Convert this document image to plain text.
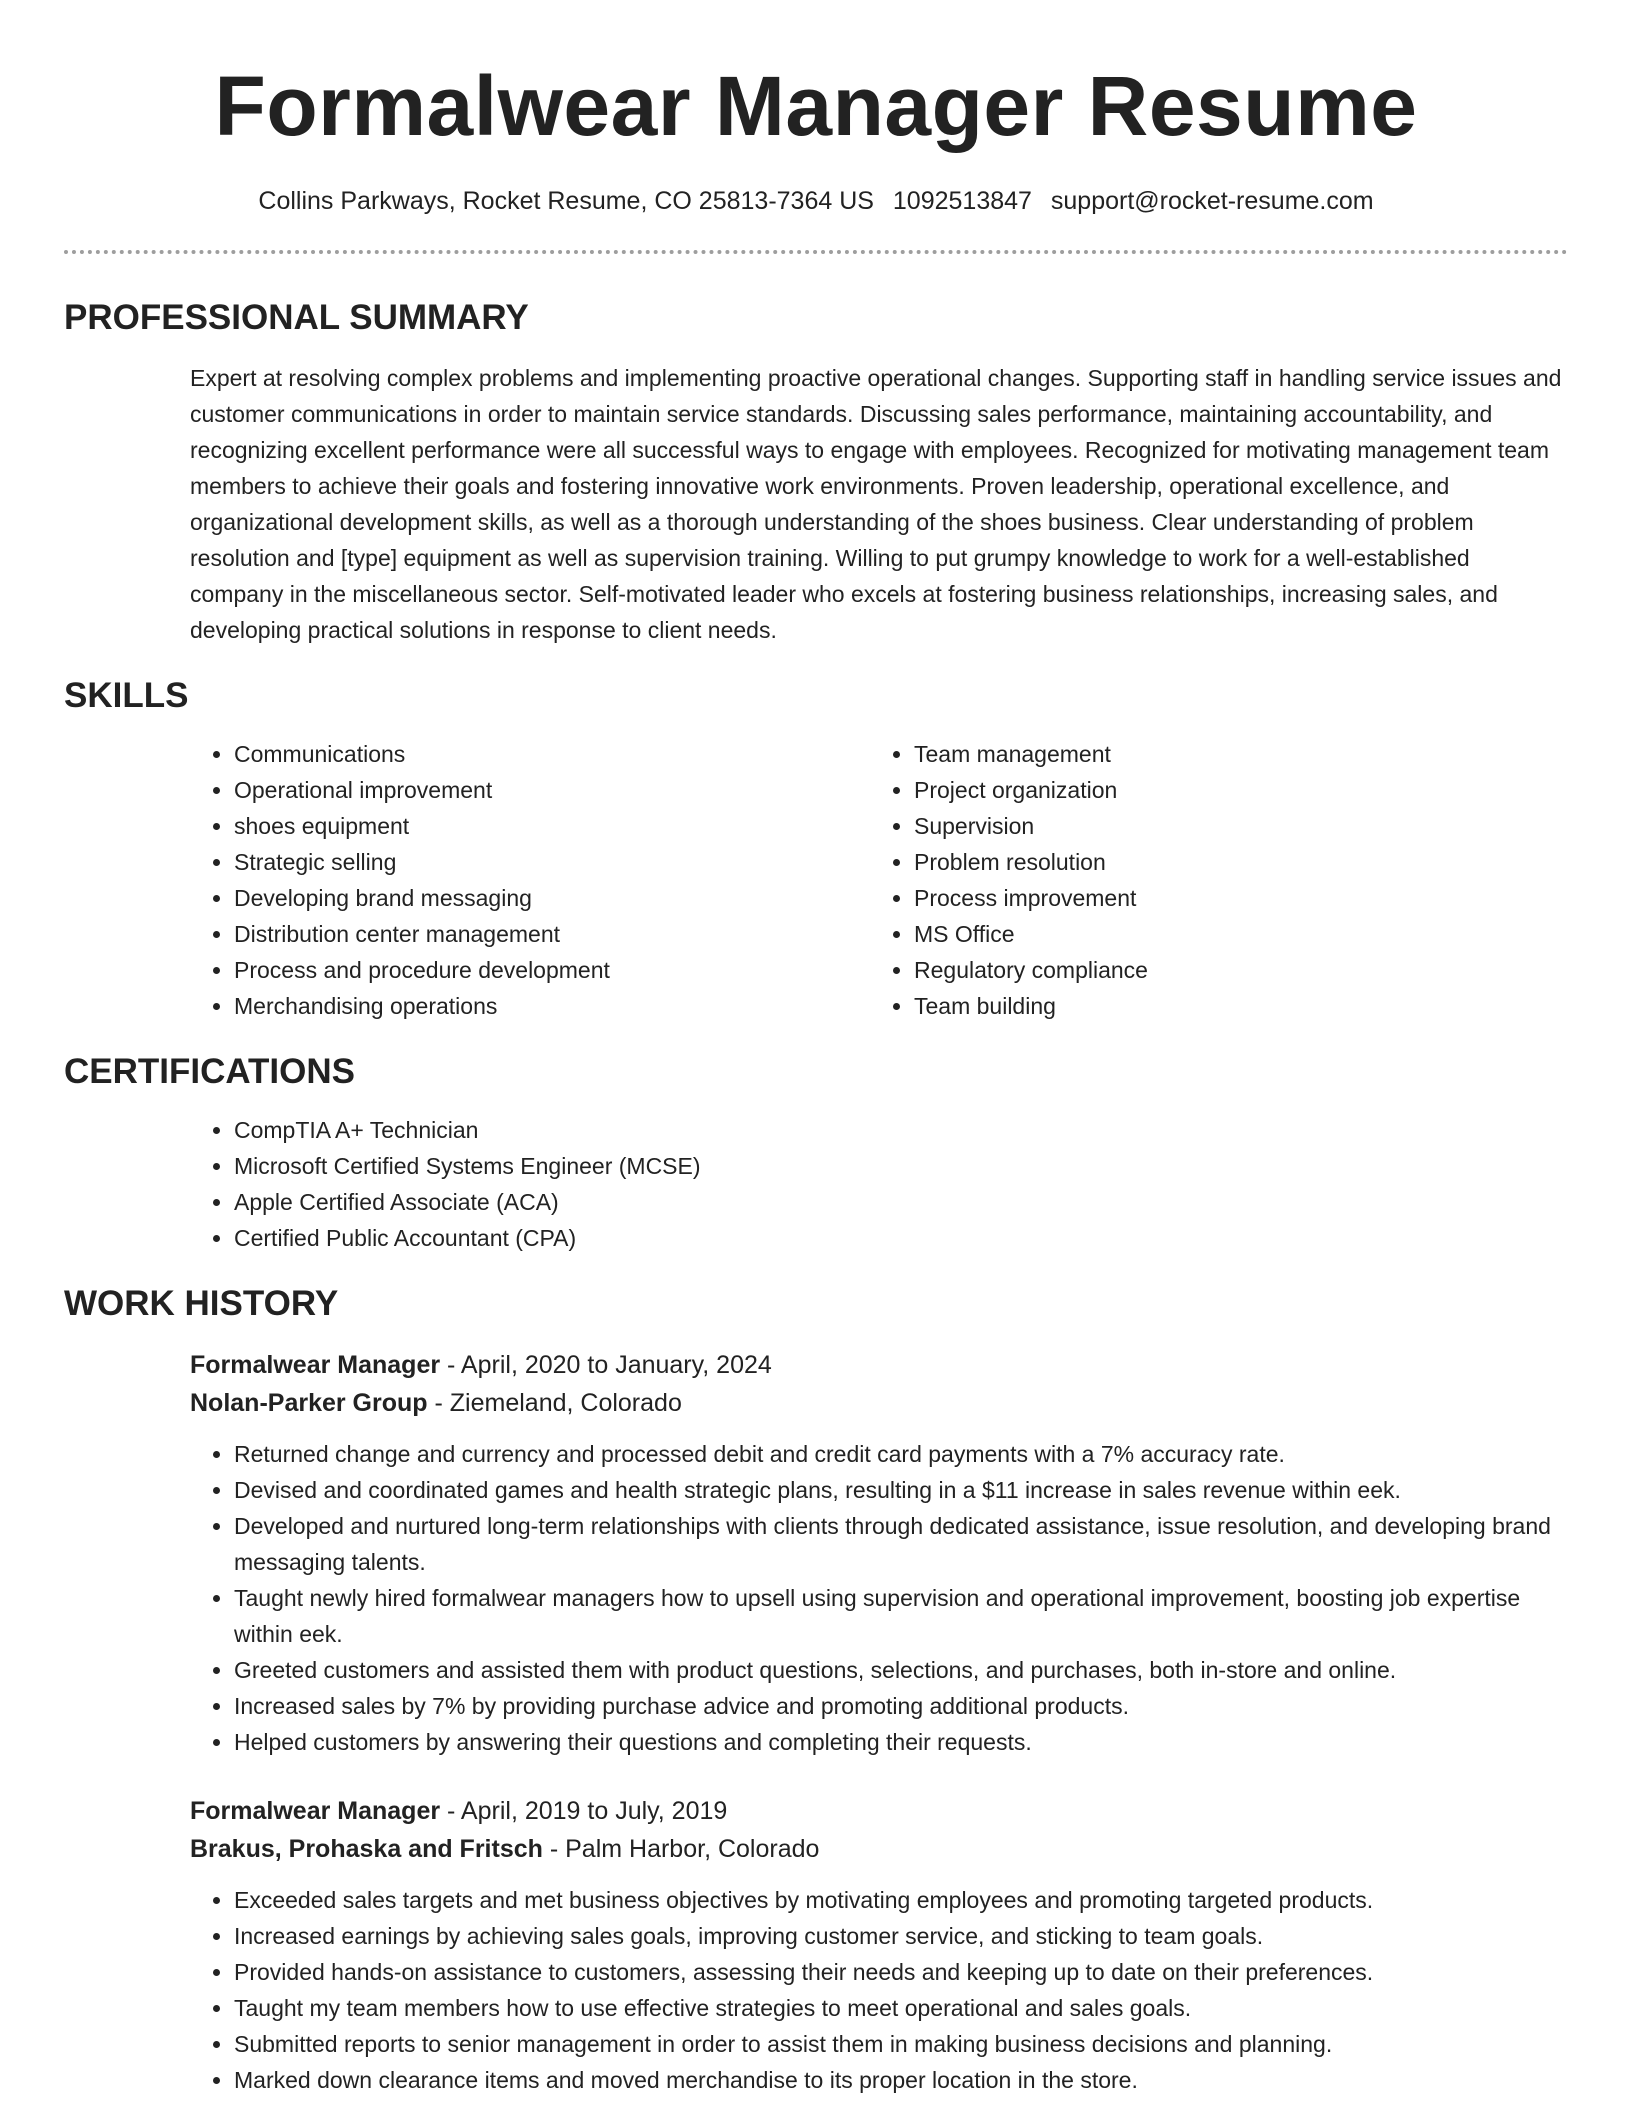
Formalwear Manager Resume
Collins Parkways, Rocket Resume, CO 25813-7364 US 1092513847 support@rocket-resume.com
PROFESSIONAL SUMMARY

Expert at resolving complex problems and implementing proactive operational changes. Supporting staff in handling service issues and customer communications in order to maintain service standards. Discussing sales performance, maintaining accountability, and recognizing excellent performance were all successful ways to engage with employees. Recognized for motivating management team members to achieve their goals and fostering innovative work environments. Proven leadership, operational excellence, and organizational development skills, as well as a thorough understanding of the shoes business. Clear understanding of problem resolution and [type] equipment as well as supervision training. Willing to put grumpy knowledge to work for a well-established company in the miscellaneous sector. Self-motivated leader who excels at fostering business relationships, increasing sales, and developing practical solutions in response to client needs.

SKILLS
• Communications
• Operational improvement
• shoes equipment
• Strategic selling
• Developing brand messaging
• Distribution center management
• Process and procedure development
• Merchandising operations
• Team management
• Project organization
• Supervision
• Problem resolution
• Process improvement
• MS Office
• Regulatory compliance
• Team building
CERTIFICATIONS
• CompTIA A+ Technician
• Microsoft Certified Systems Engineer (MCSE)
• Apple Certified Associate (ACA)
• Certified Public Accountant (CPA)
WORK HISTORY
Formalwear Manager - April, 2020 to January, 2024
Nolan-Parker Group - Ziemeland, Colorado
• Returned change and currency and processed debit and credit card payments with a 7% accuracy rate.
• Devised and coordinated games and health strategic plans, resulting in a $11 increase in sales revenue within eek.
• Developed and nurtured long-term relationships with clients through dedicated assistance, issue resolution, and developing brand messaging talents.
• Taught newly hired formalwear managers how to upsell using supervision and operational improvement, boosting job expertise within eek.
• Greeted customers and assisted them with product questions, selections, and purchases, both in-store and online.
• Increased sales by 7% by providing purchase advice and promoting additional products.
• Helped customers by answering their questions and completing their requests.
Formalwear Manager - April, 2019 to July, 2019
Brakus, Prohaska and Fritsch - Palm Harbor, Colorado
• Exceeded sales targets and met business objectives by motivating employees and promoting targeted products.
• Increased earnings by achieving sales goals, improving customer service, and sticking to team goals.
• Provided hands-on assistance to customers, assessing their needs and keeping up to date on their preferences.
• Taught my team members how to use effective strategies to meet operational and sales goals.
• Submitted reports to senior management in order to assist them in making business decisions and planning.
• Marked down clearance items and moved merchandise to its proper location in the store.
